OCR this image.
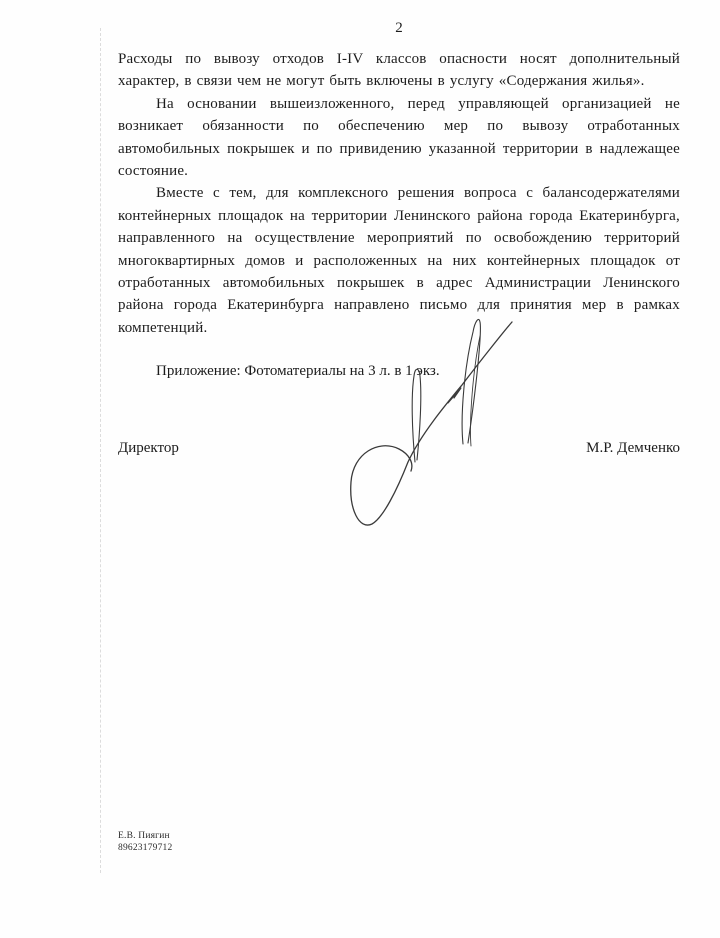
2

Расходы по вывозу отходов I-IV классов опасности носят дополнительный характер, в связи чем не могут быть включены в услугу «Содержания жилья».

На основании вышеизложенного, перед управляющей организацией не возникает обязанности по обеспечению мер по вывозу отработанных автомобильных покрышек и по привидению указанной территории в надлежащее состояние.

Вместе с тем, для комплексного решения вопроса с балансодержателями контейнерных площадок на территории Ленинского района города Екатеринбурга, направленного на осуществление мероприятий по освобождению территорий многоквартирных домов и расположенных на них контейнерных площадок от отработанных автомобильных покрышек в адрес Администрации Ленинского района города Екатеринбурга направлено письмо для принятия мер в рамках компетенций.

Приложение: Фотоматериалы на 3 л. в 1 экз.
Директор	М.Р. Демченко
Е.В. Пиягин
89623179712
